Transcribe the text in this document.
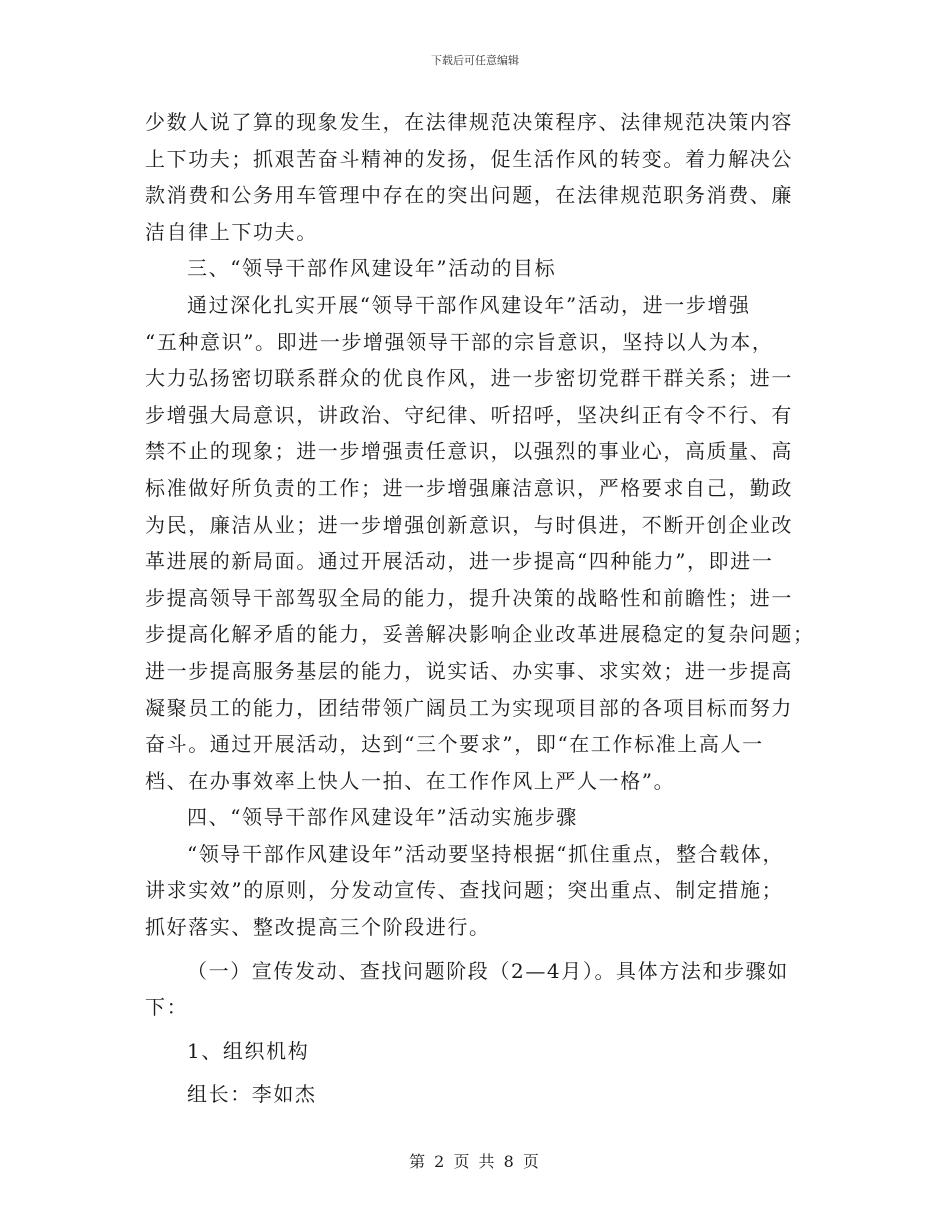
下载后可任意编辑
少数人说了算的现象发生，在法律规范决策程序、法律规范决策内容
上下功夫；抓艰苦奋斗精神的发扬，促生活作风的转变。着力解决公
款消费和公务用车管理中存在的突出问题，在法律规范职务消费、廉
洁自律上下功夫。
三、“领导干部作风建设年”活动的目标
通过深化扎实开展“领导干部作风建设年”活动，进一步增强
“五种意识”。即进一步增强领导干部的宗旨意识，坚持以人为本，
大力弘扬密切联系群众的优良作风，进一步密切党群干群关系；进一
步增强大局意识，讲政治、守纪律、听招呼，坚决纠正有令不行、有
禁不止的现象；进一步增强责任意识，以强烈的事业心，高质量、高
标准做好所负责的工作；进一步增强廉洁意识，严格要求自己，勤政
为民，廉洁从业；进一步增强创新意识，与时俱进，不断开创企业改
革进展的新局面。通过开展活动，进一步提高“四种能力”，即进一
步提高领导干部驾驭全局的能力，提升决策的战略性和前瞻性；进一
步提高化解矛盾的能力，妥善解决影响企业改革进展稳定的复杂问题；
进一步提高服务基层的能力，说实话、办实事、求实效；进一步提高
凝聚员工的能力，团结带领广阔员工为实现项目部的各项目标而努力
奋斗。通过开展活动，达到“三个要求”，即“在工作标准上高人一
档、在办事效率上快人一拍、在工作作风上严人一格”。
四、“领导干部作风建设年”活动实施步骤
“领导干部作风建设年”活动要坚持根据“抓住重点，整合载体，
讲求实效”的原则，分发动宣传、查找问题；突出重点、制定措施；
抓好落实、整改提高三个阶段进行。
（一）宣传发动、查找问题阶段（2—4月）。具体方法和步骤如
下：
1、组织机构
组长：李如杰
第 2 页 共 8 页
